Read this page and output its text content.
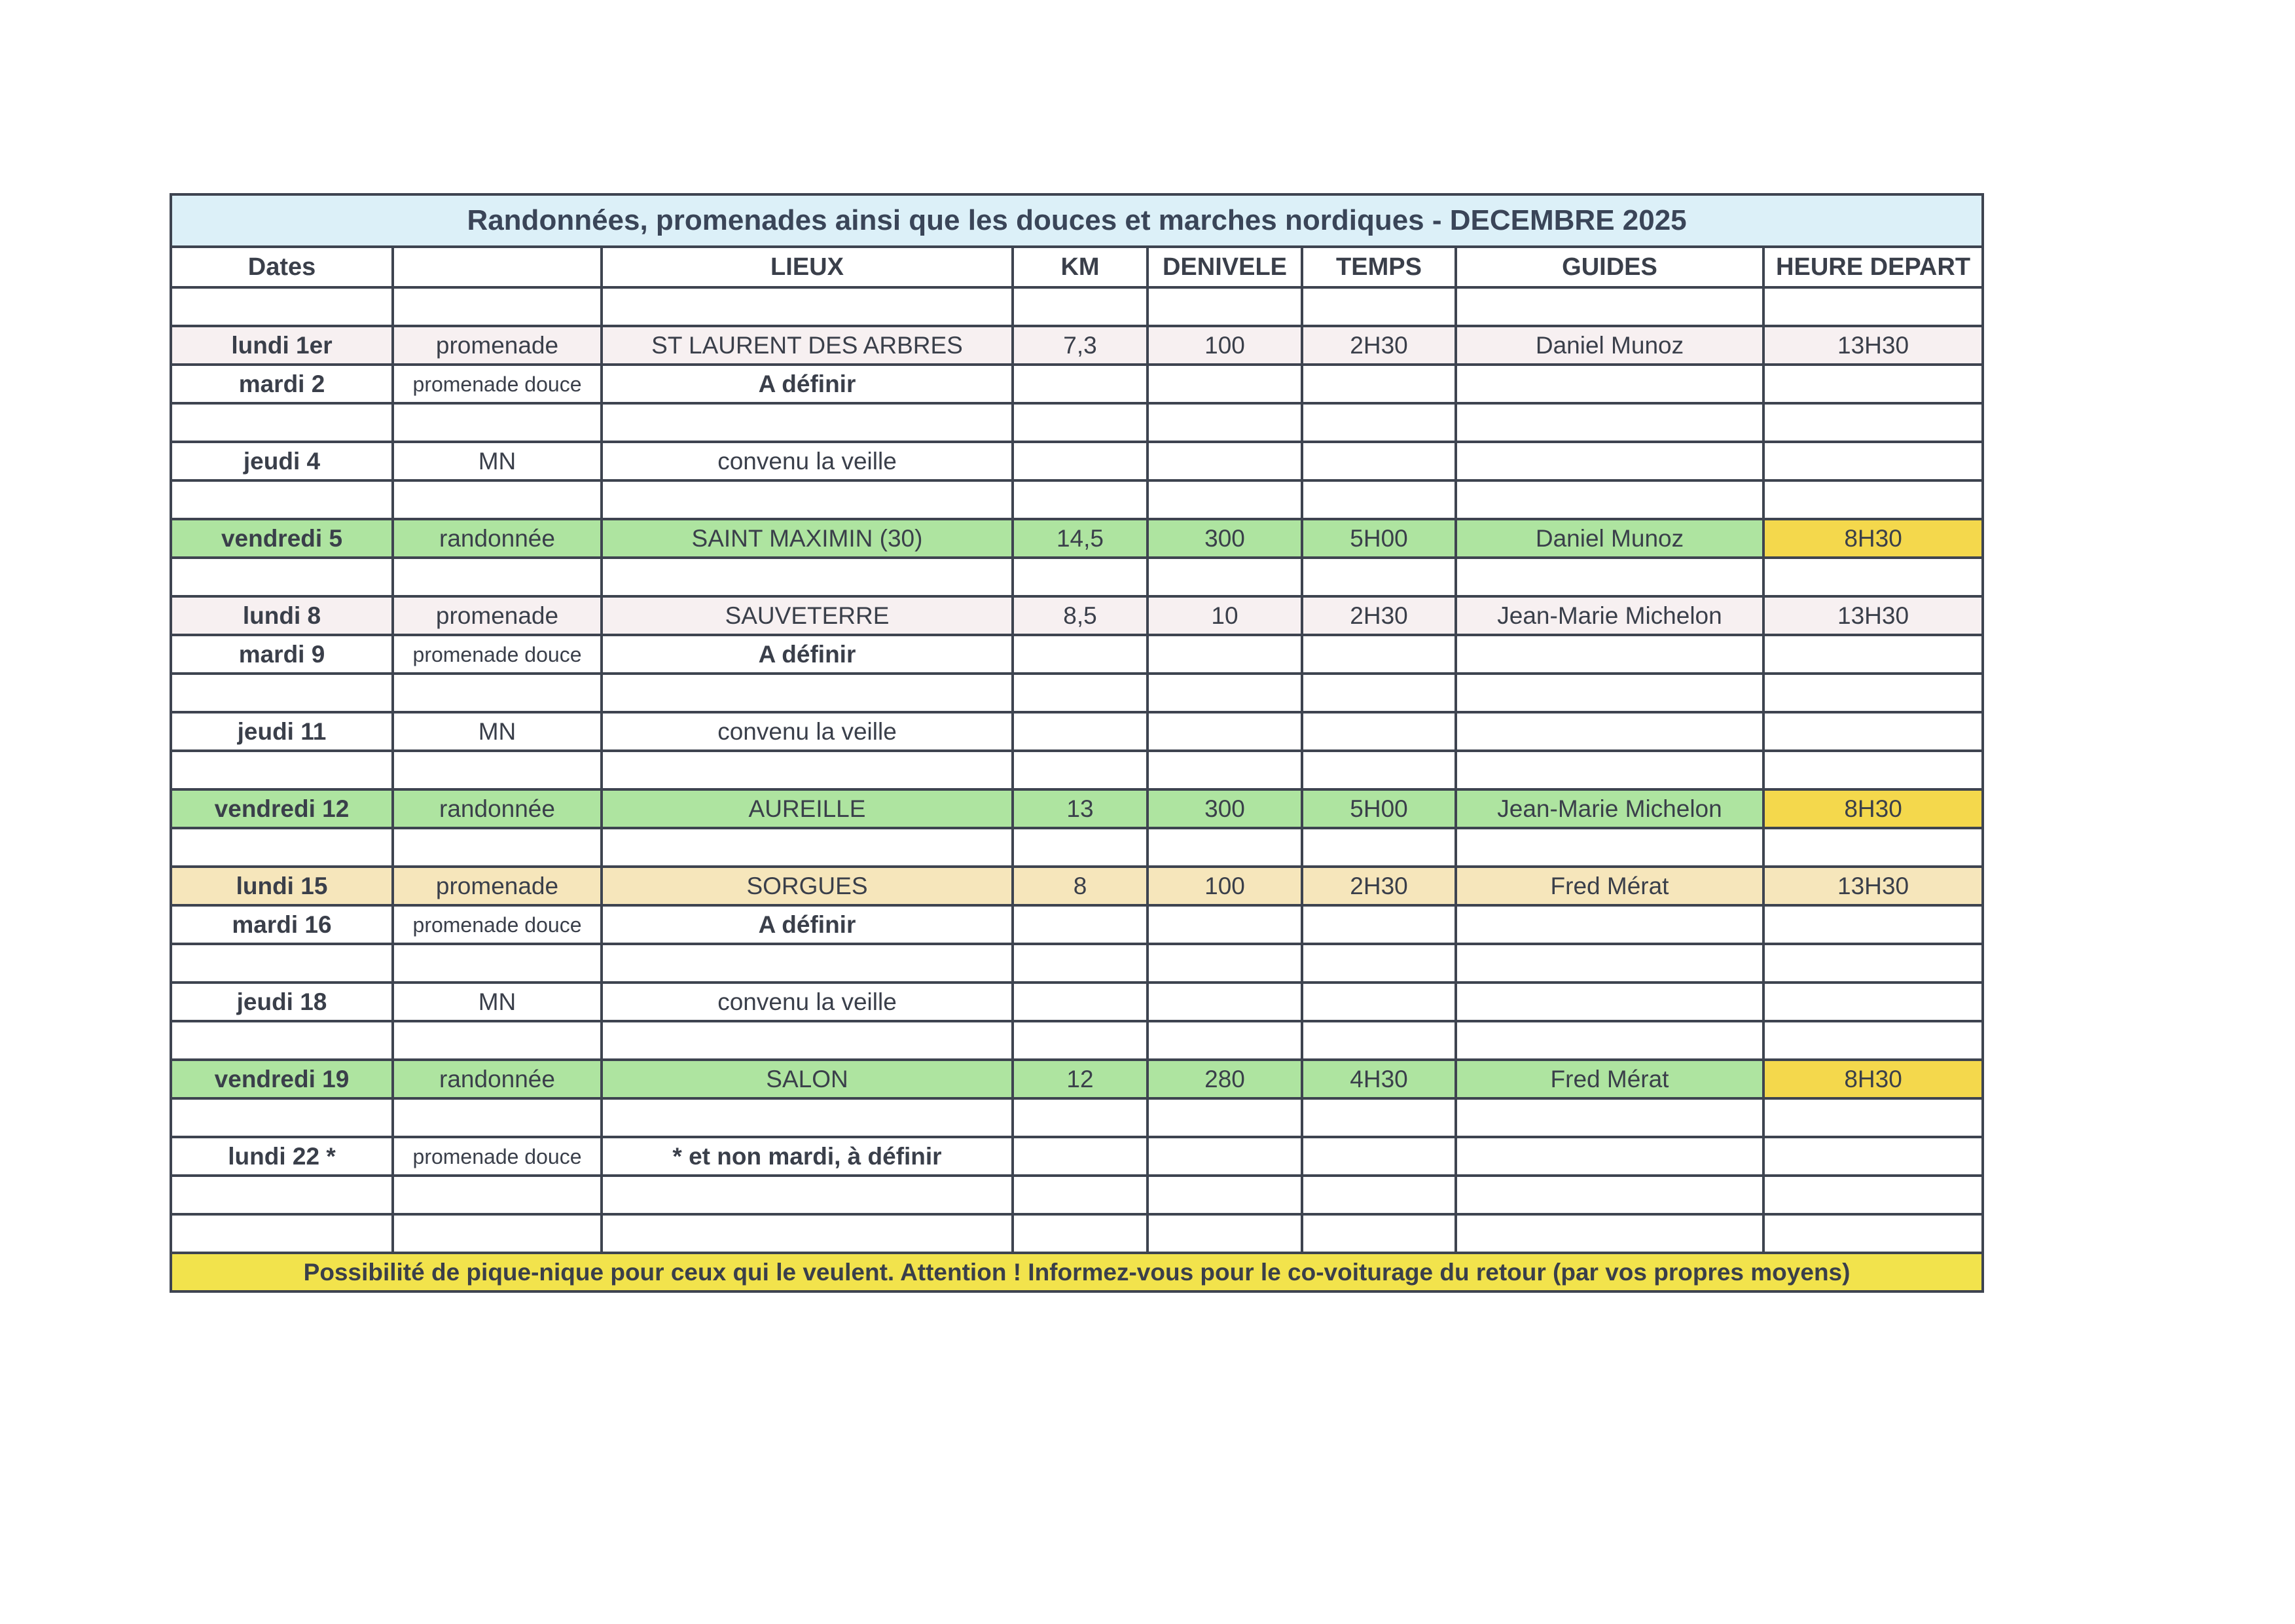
Randonnées, promenades ainsi que les douces et marches nordiques - DECEMBRE 2025							
Dates		LIEUX	KM	DENIVELE	TEMPS	GUIDES	HEURE DEPART

lundi 1er	promenade	ST LAURENT DES ARBRES	7,3	100	2H30	Daniel Munoz	13H30
mardi 2	promenade douce	A définir					

jeudi 4	MN	convenu la veille					

vendredi 5	randonnée	SAINT MAXIMIN (30)	14,5	300	5H00	Daniel Munoz	8H30

lundi 8	promenade	SAUVETERRE	8,5	10	2H30	Jean-Marie Michelon	13H30
mardi 9	promenade douce	A définir					

jeudi 11	MN	convenu la veille					

vendredi 12	randonnée	AUREILLE	13	300	5H00	Jean-Marie Michelon	8H30

lundi 15	promenade	SORGUES	8	100	2H30	Fred Mérat	13H30
mardi 16	promenade douce	A définir					

jeudi 18	MN	convenu la veille					

vendredi 19	randonnée	SALON	12	280	4H30	Fred Mérat	8H30

lundi 22 *	promenade douce	* et non mardi, à définir					

Possibilité de pique-nique pour ceux qui le veulent. Attention ! Informez-vous pour le co-voiturage du retour (par vos propres moyens)							
